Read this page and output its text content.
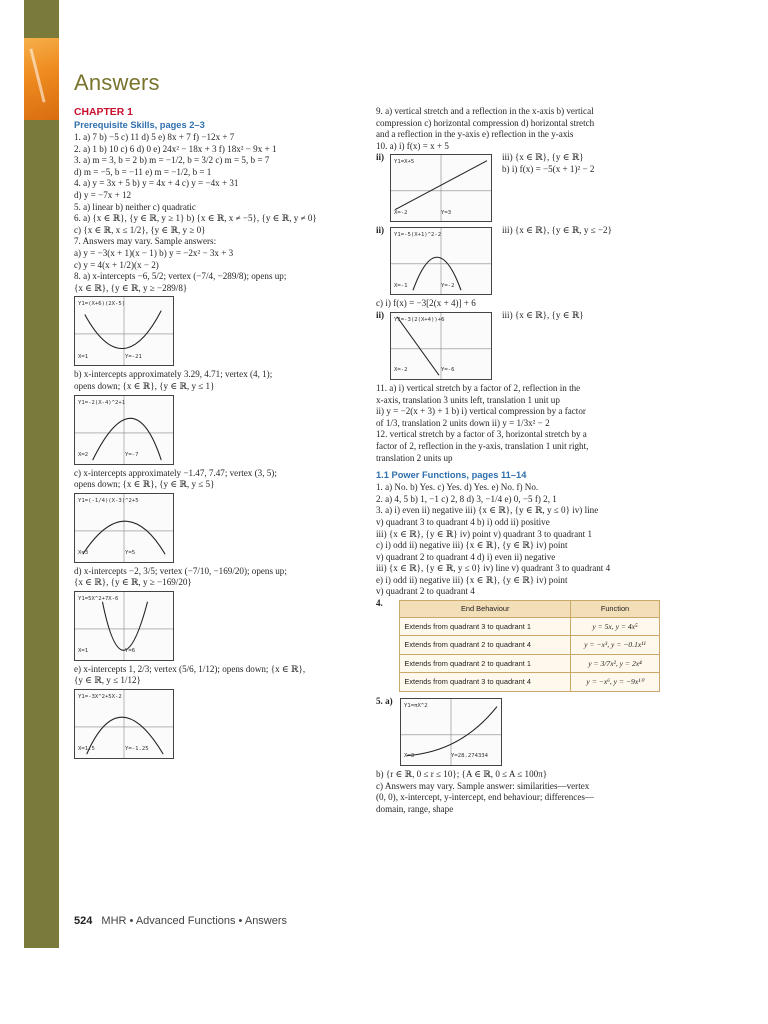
Answers
CHAPTER 1
Prerequisite Skills, pages 2–3
1. a) 7 b) −5 c) 11 d) 5 e) 8x + 7 f) −12x + 7
2. a) 1 b) 10 c) 6 d) 0 e) 24x² − 18x + 3 f) 18x² − 9x + 1
3. a) m = 3, b = 2 b) m = −1/2, b = 3/2 c) m = 5, b = 7
d) m = −5, b = −11 e) m = −1/2, b = 1
4. a) y = 3x + 5 b) y = 4x + 4 c) y = −4x + 31
d) y = −7x + 12
5. a) linear b) neither c) quadratic
6. a) {x ∈ ℝ}, {y ∈ ℝ, y ≥ 1} b) {x ∈ ℝ, x ≠ −5}, {y ∈ ℝ, y ≠ 0}
c) {x ∈ ℝ, x ≤ 1/2}, {y ∈ ℝ, y ≥ 0}
7. Answers may vary. Sample answers:
a) y = −3(x + 1)(x − 1) b) y = −2x² − 3x + 3
c) y = 4(x + 1/2)(x − 2)
8. a) x-intercepts −6, 5/2; vertex (−7/4, −289/8); opens up;
{x ∈ ℝ}, {y ∈ ℝ, y ≥ −289/8}
Y1=(X+6)(2X-5)
X=1	Y=-21
b) x-intercepts approximately 3.29, 4.71; vertex (4, 1);
opens down; {x ∈ ℝ}, {y ∈ ℝ, y ≤ 1}
Y1=-2(X-4)^2+1
X=2	Y=-7
c) x-intercepts approximately −1.47, 7.47; vertex (3, 5);
opens down; {x ∈ ℝ}, {y ∈ ℝ, y ≤ 5}
Y1=(-1/4)(X-3)^2+5
X=3	Y=5
d) x-intercepts −2, 3/5; vertex (−7/10, −169/20); opens up;
{x ∈ ℝ}, {y ∈ ℝ, y ≥ −169/20}
Y1=5X^2+7X-6
X=1	Y=6
e) x-intercepts 1, 2/3; vertex (5/6, 1/12); opens down; {x ∈ ℝ},
{y ∈ ℝ, y ≤ 1/12}
Y1=-3X^2+5X-2
X=1.5	Y=-1.25
9. a) vertical stretch and a reflection in the x-axis b) vertical
compression c) horizontal compression d) horizontal stretch
and a reflection in the y-axis e) reflection in the y-axis
10. a) i) f(x) = x + 5
ii)	Y1=X+5
X=-2	Y=3
iii) {x ∈ ℝ}, {y ∈ ℝ}
b) i) f(x) = −5(x + 1)² − 2
ii)	Y1=-5(X+1)^2-2
X=-1	Y=-2
iii) {x ∈ ℝ}, {y ∈ ℝ, y ≤ −2}
c) i) f(x) = −3[2(x + 4)] + 6
ii)	Y1=-3(2(X+4))+6
X=-2	Y=-6
iii) {x ∈ ℝ}, {y ∈ ℝ}
11. a) i) vertical stretch by a factor of 2, reflection in the
x-axis, translation 3 units left, translation 1 unit up
ii) y = −2(x + 3) + 1 b) i) vertical compression by a factor
of 1/3, translation 2 units down ii) y = 1/3x² − 2
12. vertical stretch by a factor of 3, horizontal stretch by a
factor of 2, reflection in the y-axis, translation 1 unit right,
translation 2 units up
1.1 Power Functions, pages 11–14
1. a) No. b) Yes. c) Yes. d) Yes. e) No. f) No.
2. a) 4, 5 b) 1, −1 c) 2, 8 d) 3, −1/4 e) 0, −5 f) 2, 1
3. a) i) even ii) negative iii) {x ∈ ℝ}, {y ∈ ℝ, y ≤ 0} iv) line
v) quadrant 3 to quadrant 4 b) i) odd ii) positive
iii) {x ∈ ℝ}, {y ∈ ℝ} iv) point v) quadrant 3 to quadrant 1
c) i) odd ii) negative iii) {x ∈ ℝ}, {y ∈ ℝ} iv) point
v) quadrant 2 to quadrant 4 d) i) even ii) negative
iii) {x ∈ ℝ}, {y ∈ ℝ, y ≤ 0} iv) line v) quadrant 3 to quadrant 4
e) i) odd ii) negative iii) {x ∈ ℝ}, {y ∈ ℝ} iv) point
v) quadrant 2 to quadrant 4
4.
End Behaviour	Function
Extends from quadrant 3 to quadrant 1	y = 5x, y = 4x⁵
Extends from quadrant 2 to quadrant 4	y = −x³, y = −0.1x¹¹
Extends from quadrant 2 to quadrant 1	y = 3/7x², y = 2x⁴
Extends from quadrant 3 to quadrant 4	y = −x⁶, y = −9x¹⁰
5. a)	Y1=πX^2
X=3	Y=28.274334
b) {r ∈ ℝ, 0 ≤ r ≤ 10}; {A ∈ ℝ, 0 ≤ A ≤ 100π}
c) Answers may vary. Sample answer: similarities—vertex
(0, 0), x-intercept, y-intercept, end behaviour; differences—
domain, range, shape
524 MHR • Advanced Functions • Answers
